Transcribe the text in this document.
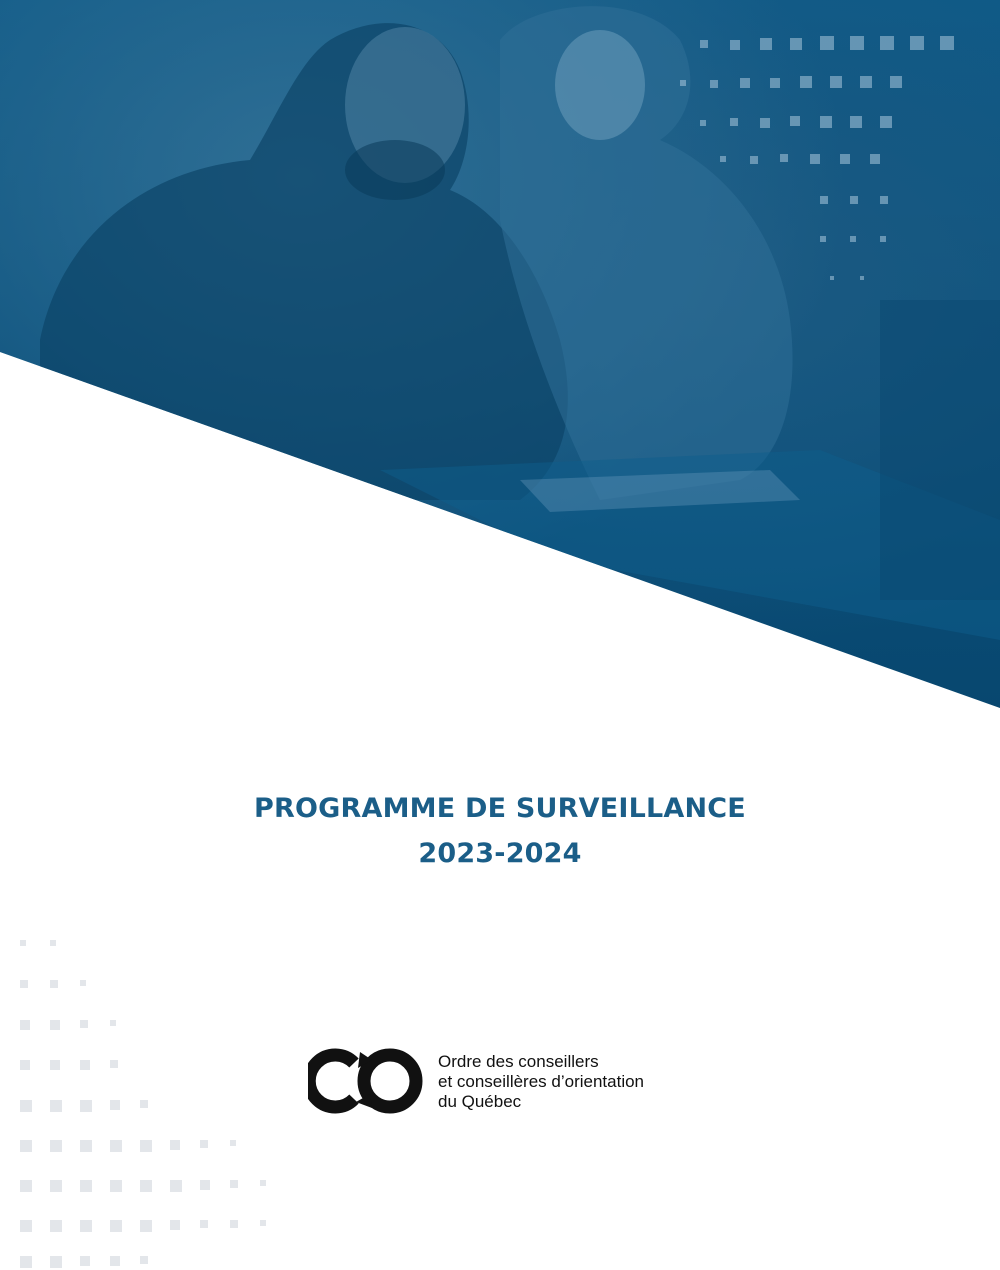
PROGRAMME DE SURVEILLANCE
2023-2024
Ordre des conseillers
et conseillères d’orientation
du Québec
